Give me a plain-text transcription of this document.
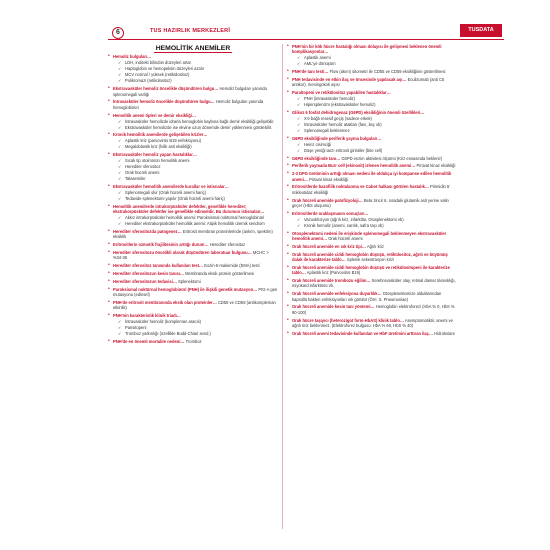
6	TUS HAZIRLIK MERKEZLERİ	TUSDATA
HEMOLİTİK ANEMİLER
• Hemoliz bulguları…
✓ LDH, indirekt bilirubin düzeyleri artar
✓ Haptoglobin ve hemopeksin düzeyleri azalır
✓ MCV normal / yüksek (retikülositoz)
✓ Polikromazi (retikülositoz)
• Ekstravasküler hemoliz öncelikle düşündüren bulgu… Hemoliz bulguları yanında splenomegali varlığı
• İntravasküler hemoliz öncelikle düşündüren bulgu… Hemoliz bulguları yanında hemoglobinüri
• Hemolitik anemi tipleri ve demir eksikliği…
✓ İntravasküler hemolizde idrarla hemoglobin kaybına bağlı demir eksikliği gelişebilir.
✓ Ekstravasküler hemolizde ise ekvine uzun dönemde demir yüklenmesi görülebilir.
• Kronik hemolitik anemilerde gelişebilen krizler…
✓ Aplastik kriz (parvovirüs B19 enfeksiyonu)
✓ Megaloblastik kriz (folik asit eksikliği)
• Ekstravasküler hemoliz yapan hastalıklar…
✓ Sıcak tip otoimmün hemolitik anemi
✓ Herediter sferositoz
✓ Orak hücreli anemi
✓ Talasemiler
• Ekstravasküler hemolitik anemilerde kurallar ve istisnalar…
✓ Splenomegali olur (Orak hücreli anemi hariç)
✓ Tedavide splenektomi yapılır (Orak hücreli anemi hariç)
• Hemolitik anemilerde intrakorpüsküler defektler, genellikle herediter; ekstrakorpüsküler defektler ise genellikle edinseldir. Bu durumun istisnaları…
✓ Akkız intrakorpüsküler hemolitik anemi: Paroksismal noktürnal hemoglobinüri
✓ Herediter ekstrakorpüsküler hemolitik anemi: Atipik hemolitik üremik sendrom
• Herediter sferositozda patogenez… Eritrosit membran proteinlerinde (ankrin, spektrin) eksiklik
• Eritrositlerin ozmotik frajilitesinin arttığı durum… Herediter sferositoz
• Herediter sferositozu öncelikli olarak düşündüren laboratuar bulgusu… MCHC > %34-36
• Herediter sferositoz tanısında kullanılan test… Eozin-5-maleimide (EMA) testi
• Herediter sferositozun kesin tanısı… Membranda eksik protein gösterilmesi
• Herediter sferositozun tedavisi… Splenektomi
• Paroksismal noktürnal hemoglobinüri (PNH) ile ilişkili genetik mutasyon… PIG-A gen mutasyonu (edinsel)
• PNH'de eritrosit membranında eksik olan proteinler… CD55 ve CD59 (antikompleman etkinlik)
• PNH'nin karakteristik klinik triadı…
✓ İntravasküler hemoliz (kompleman aracılı)
✓ Pansitopeni
✓ Tromboz yatkınlığı (özellikle Budd-Chiari send.)
• PNH'de en önemli mortalite nedeni… Tromboz
• PNH'nin bir kök hücre hastalığı olması dolayısı ile gelişmesi beklenen önemli komplikasyonlar…
✓ Aplastik anemi
✓ AML'ye dönüşüm
• PNH'de tanı testi… Flow (akım) sitometri ile CD55 ve CD59 eksikliğinin gösterilmesi
• PNH tedavisinde en etkin ilaç ve öncesinde yapılacak aşı… Eculizumab (anti C5 antikor), meningokok aşısı
• Paraltopeni ve retikülositoz yapabilen hastalıklar…
✓ PNH (intravasküler hemoliz)
✓ Hipersplenizm (ekstravasküler hemoliz)
• Glikoz 6 fosfat dehidrogenaz (G6PD) eksikliğinin önemli özellikleri…
✓ X'e bağlı resesif geçiş (sadece erkek)
✓ İntravasküler hemoliz atakları (favı, ilaç vb)
✓ Splenomegali beklenmez
• G6PD eksikliğinde periferik yayma bulguları…
✓ Heinz cisimciği
✓ Düşe yeniği tarzı eritrosit girintiler (bite cell)
• G6PD eksikliğinde tanı… G6PD enzim aktivitesi ölçümü (Kriz esnasında beklenir)
• Periferik yaymada Burr cell (ekinosit) izlenen hemolitik anemi… Pirüvat kinaz eksikliği
• 2-3 DPG üretiminin arttığı olması nedeni ile oldukça iyi kompanse edilen hemolitik anemi… Pirüvat kinaz eksikliği
• Eritrositlerde bazofilik noktalanma ve Cabot halkası görülen hastalık… Pirimidin 5' nükleotidaz eksikliği
• Orak hücreli anemide patofizyoloji… Beta zincir 6. sıradaki glutamik asit yerine valin geçer (HbS oluşumu)
• Eritrositlerde oraklaşmanın sonuçları…
✓ Vazooklüzyon (ağrılı kriz, infarktlar, Otosplenektomi vb)
✓ Kronik hemoliz (anemi, sarılık, safra taşı vb)
• Otosplenektomi nedeni ile erişkinde splenomegali beklenmeyen ekstravasküler hemolitik anemi… Orak hücreli anemi
• Orak hücreli anemide en sık kriz tipi… Ağrılı kriz
• Orak hücreli anemide ciddi hemoglobin düşüşü, retikülositoz, ağrılı ve büyümüş dalak ile karakterize tablo… Splenik sekestrasyon krizi
• Orak hücreli anemide ciddi hemoglobin düşüşü ve retikülositopeni ile karakterize tablo… Aplastik kriz (Parvovirüs B19)
• Orak hücreli anemide trombozu eğilim… Serebrovasküler olay, retinal damar tıkanıklığı, miyokard infarktüsü vb.
• Orak hücreli anemide enfeksiyona duyarlılık… Otosplenektomize olduklarından kapsüllü bakteri enfeksiyonları sık görülür (Örn: S. Pneumoniae)
• Orak hücreli anemide kesin tanı yöntemi… Hemoglobin elektroforezi (HbA % 0, HbS % 90-100)
• Orak hücre taşıyıcı (heterozigot form-HbAS) klinik tablo… Asemptomatiktir, anemi ve ağrılı kriz beklenmez. (Elektroforez bulgusu: HbA % 60, HbS % 40)
• Orak hücreli anemi tedavisinde kullanılan ve HbF üretimini arttıran ilaç… Hidroksiüre
